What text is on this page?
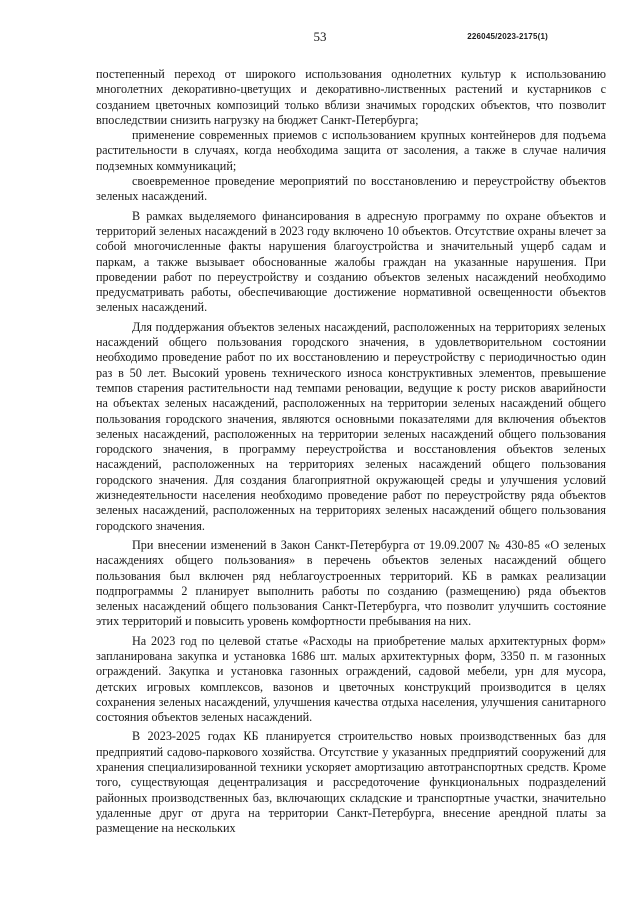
53	226045/2023-2175(1)

постепенный переход от широкого использования однолетних культур к использованию многолетних декоративно-цветущих и декоративно-лиственных растений и кустарников с созданием цветочных композиций только вблизи значимых городских объектов, что позволит впоследствии снизить нагрузку на бюджет Санкт-Петербурга;

применение современных приемов с использованием крупных контейнеров для подъема растительности в случаях, когда необходима защита от засоления, а также в случае наличия подземных коммуникаций;

своевременное проведение мероприятий по восстановлению и переустройству объектов зеленых насаждений.

В рамках выделяемого финансирования в адресную программу по охране объектов и территорий зеленых насаждений в 2023 году включено 10 объектов. Отсутствие охраны влечет за собой многочисленные факты нарушения благоустройства и значительный ущерб садам и паркам, а также вызывает обоснованные жалобы граждан на указанные нарушения. При проведении работ по переустройству и созданию объектов зеленых насаждений необходимо предусматривать работы, обеспечивающие достижение нормативной освещенности объектов зеленых насаждений.

Для поддержания объектов зеленых насаждений, расположенных на территориях зеленых насаждений общего пользования городского значения, в удовлетворительном состоянии необходимо проведение работ по их восстановлению и переустройству с периодичностью один раз в 50 лет. Высокий уровень технического износа конструктивных элементов, превышение темпов старения растительности над темпами реновации, ведущие к росту рисков аварийности на объектах зеленых насаждений, расположенных на территории зеленых насаждений общего пользования городского значения, являются основными показателями для включения объектов зеленых насаждений, расположенных на территории зеленых насаждений общего пользования городского значения, в программу переустройства и восстановления объектов зеленых насаждений, расположенных на территориях зеленых насаждений общего пользования городского значения. Для создания благоприятной окружающей среды и улучшения условий жизнедеятельности населения необходимо проведение работ по переустройству ряда объектов зеленых насаждений, расположенных на территориях зеленых насаждений общего пользования городского значения.

При внесении изменений в Закон Санкт-Петербурга от 19.09.2007 № 430-85 «О зеленых насаждениях общего пользования» в перечень объектов зеленых насаждений общего пользования был включен ряд неблагоустроенных территорий. КБ в рамках реализации подпрограммы 2 планирует выполнить работы по созданию (размещению) ряда объектов зеленых насаждений общего пользования Санкт-Петербурга, что позволит улучшить состояние этих территорий и повысить уровень комфортности пребывания на них.

На 2023 год по целевой статье «Расходы на приобретение малых архитектурных форм» запланирована закупка и установка 1686 шт. малых архитектурных форм, 3350 п. м газонных ограждений. Закупка и установка газонных ограждений, садовой мебели, урн для мусора, детских игровых комплексов, вазонов и цветочных конструкций производится в целях сохранения зеленых насаждений, улучшения качества отдыха населения, улучшения санитарного состояния объектов зеленых насаждений.

В 2023-2025 годах КБ планируется строительство новых производственных баз для предприятий садово-паркового хозяйства. Отсутствие у указанных предприятий сооружений для хранения специализированной техники ускоряет амортизацию автотранспортных средств. Кроме того, существующая децентрализация и рассредоточение функциональных подразделений районных производственных баз, включающих складские и транспортные участки, значительно удаленные друг от друга на территории Санкт-Петербурга, внесение арендной платы за размещение на нескольких
